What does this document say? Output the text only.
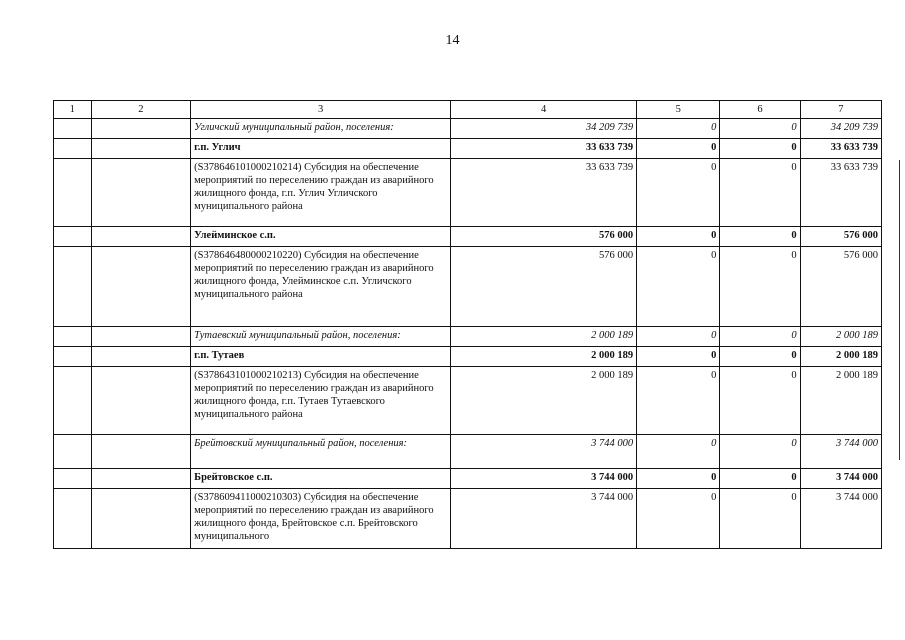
14
1	2	3	4	5	6	7
		Угличский муниципальный район, поселения:	34 209 739	0	0	34 209 739
		г.п. Углич	33 633 739	0	0	33 633 739
		(S378646101000210214) Субсидия на обеспечение мероприятий по переселению граждан из аварийного жилищного фонда, г.п. Углич Угличского муниципального района	33 633 739	0	0	33 633 739
		Улейминское с.п.	576 000	0	0	576 000
		(S378646480000210220) Субсидия на обеспечение мероприятий по переселению граждан из аварийного жилищного фонда, Улейминское с.п. Угличского муниципального района	576 000	0	0	576 000
		Тутаевский муниципальный район, поселения:	2 000 189	0	0	2 000 189
		г.п. Тутаев	2 000 189	0	0	2 000 189
		(S378643101000210213) Субсидия на обеспечение мероприятий по переселению граждан из аварийного жилищного фонда, г.п. Тутаев Тутаевского муниципального района	2 000 189	0	0	2 000 189
		Брейтовский муниципальный район, поселения:	3 744 000	0	0	3 744 000
		Брейтовское с.п.	3 744 000	0	0	3 744 000
		(S378609411000210303) Субсидия на обеспечение мероприятий по переселению граждан из аварийного жилищного фонда, Брейтовское с.п. Брейтовского муниципального	3 744 000	0	0	3 744 000
